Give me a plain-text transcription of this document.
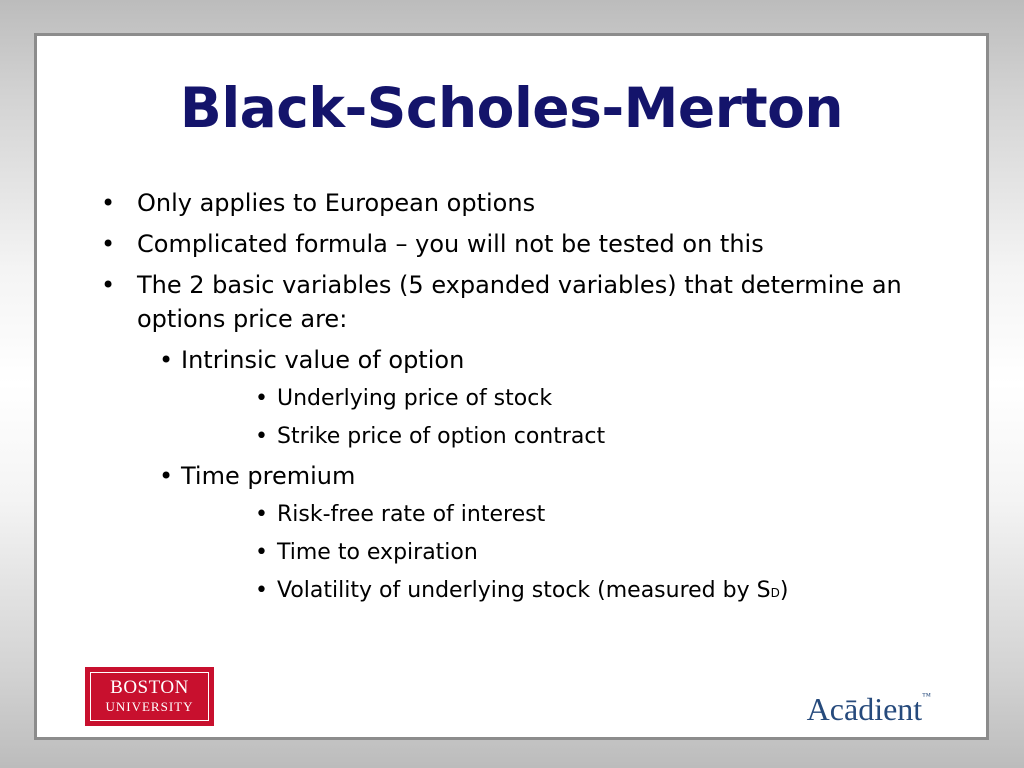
Black-Scholes-Merton
• Only applies to European options
• Complicated formula – you will not be tested on this
• The 2 basic variables (5 expanded variables) that determine an options price are:
• Intrinsic value of option
• Underlying price of stock
• Strike price of option contract
• Time premium
• Risk-free rate of interest
• Time to expiration
• Volatility of underlying stock (measured by SD)
BOSTON
UNIVERSITY	Acādient™
